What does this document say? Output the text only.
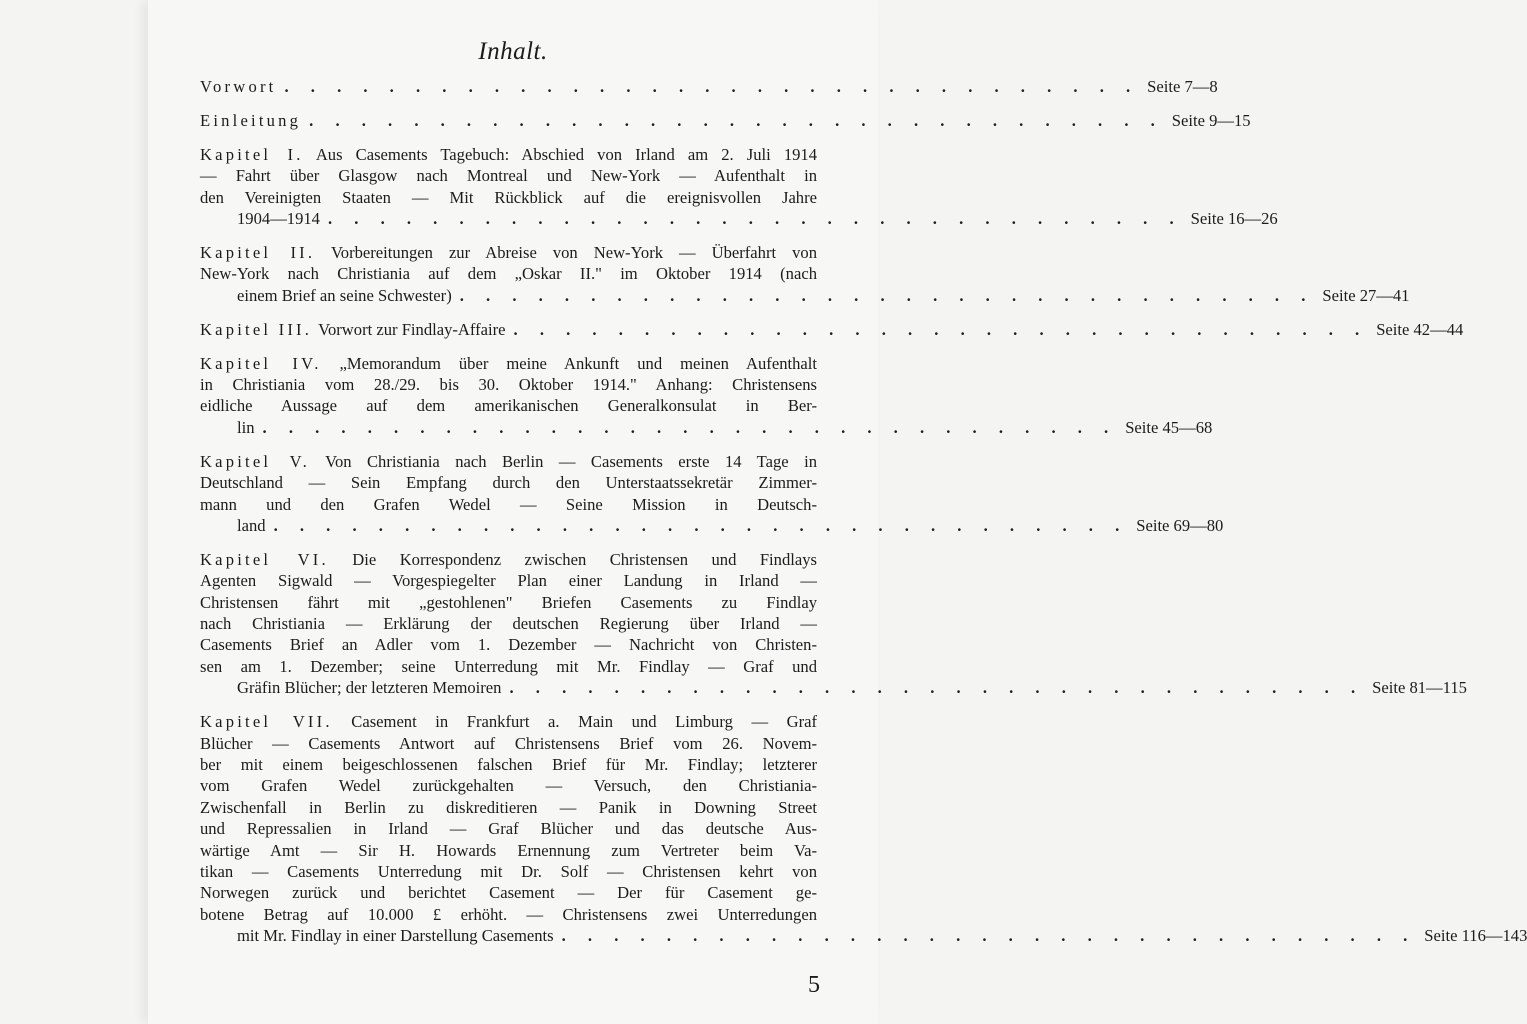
Inhalt.
Vorwort . . . . . . . . . . . . . . . . . . . . . . . . . . . . . . . . . Seite 7—8
Einleitung . . . . . . . . . . . . . . . . . . . . . . . . . . . . . . . . . Seite 9—15
Kapitel I. Aus Casements Tagebuch: Abschied von Irland am 2. Juli 1914
— Fahrt über Glasgow nach Montreal und New-York — Aufenthalt in
den Vereinigten Staaten — Mit Rückblick auf die ereignisvollen Jahre
1904—1914 . . . . . . . . . . . . . . . . . . . . . . . . . . . . . . . . . Seite 16—26
Kapitel II. Vorbereitungen zur Abreise von New-York — Überfahrt von
New-York nach Christiania auf dem „Oskar II." im Oktober 1914 (nach
einem Brief an seine Schwester) . . . . . . . . . . . . . . . . . . . . . . . . . . . . . . . . . Seite 27—41
Kapitel III. Vorwort zur Findlay-Affaire . . . . . . . . . . . . . . . . . . . . . . . . . . . . . . . . . Seite 42—44
Kapitel IV. „Memorandum über meine Ankunft und meinen Aufenthalt
in Christiania vom 28./29. bis 30. Oktober 1914." Anhang: Christensens
eidliche Aussage auf dem amerikanischen Generalkonsulat in Ber-
lin . . . . . . . . . . . . . . . . . . . . . . . . . . . . . . . . . Seite 45—68
Kapitel V. Von Christiania nach Berlin — Casements erste 14 Tage in
Deutschland — Sein Empfang durch den Unterstaatssekretär Zimmer-
mann und den Grafen Wedel — Seine Mission in Deutsch-
land . . . . . . . . . . . . . . . . . . . . . . . . . . . . . . . . . Seite 69—80
Kapitel VI. Die Korrespondenz zwischen Christensen und Findlays
Agenten Sigwald — Vorgespiegelter Plan einer Landung in Irland —
Christensen fährt mit „gestohlenen" Briefen Casements zu Findlay
nach Christiania — Erklärung der deutschen Regierung über Irland —
Casements Brief an Adler vom 1. Dezember — Nachricht von Christen-
sen am 1. Dezember; seine Unterredung mit Mr. Findlay — Graf und
Gräfin Blücher; der letzteren Memoiren . . . . . . . . . . . . . . . . . . . . . . . . . . . . . . . . . Seite 81—115
Kapitel VII. Casement in Frankfurt a. Main und Limburg — Graf
Blücher — Casements Antwort auf Christensens Brief vom 26. Novem-
ber mit einem beigeschlossenen falschen Brief für Mr. Findlay; letzterer
vom Grafen Wedel zurückgehalten — Versuch, den Christiania-
Zwischenfall in Berlin zu diskreditieren — Panik in Downing Street
und Repressalien in Irland — Graf Blücher und das deutsche Aus-
wärtige Amt — Sir H. Howards Ernennung zum Vertreter beim Va-
tikan — Casements Unterredung mit Dr. Solf — Christensen kehrt von
Norwegen zurück und berichtet Casement — Der für Casement ge-
botene Betrag auf 10.000 £ erhöht. — Christensens zwei Unterredungen
mit Mr. Findlay in einer Darstellung Casements . . . . . . . . . . . . . . . . . . . . . . . . . . . . . . . . . Seite 116—143
5
